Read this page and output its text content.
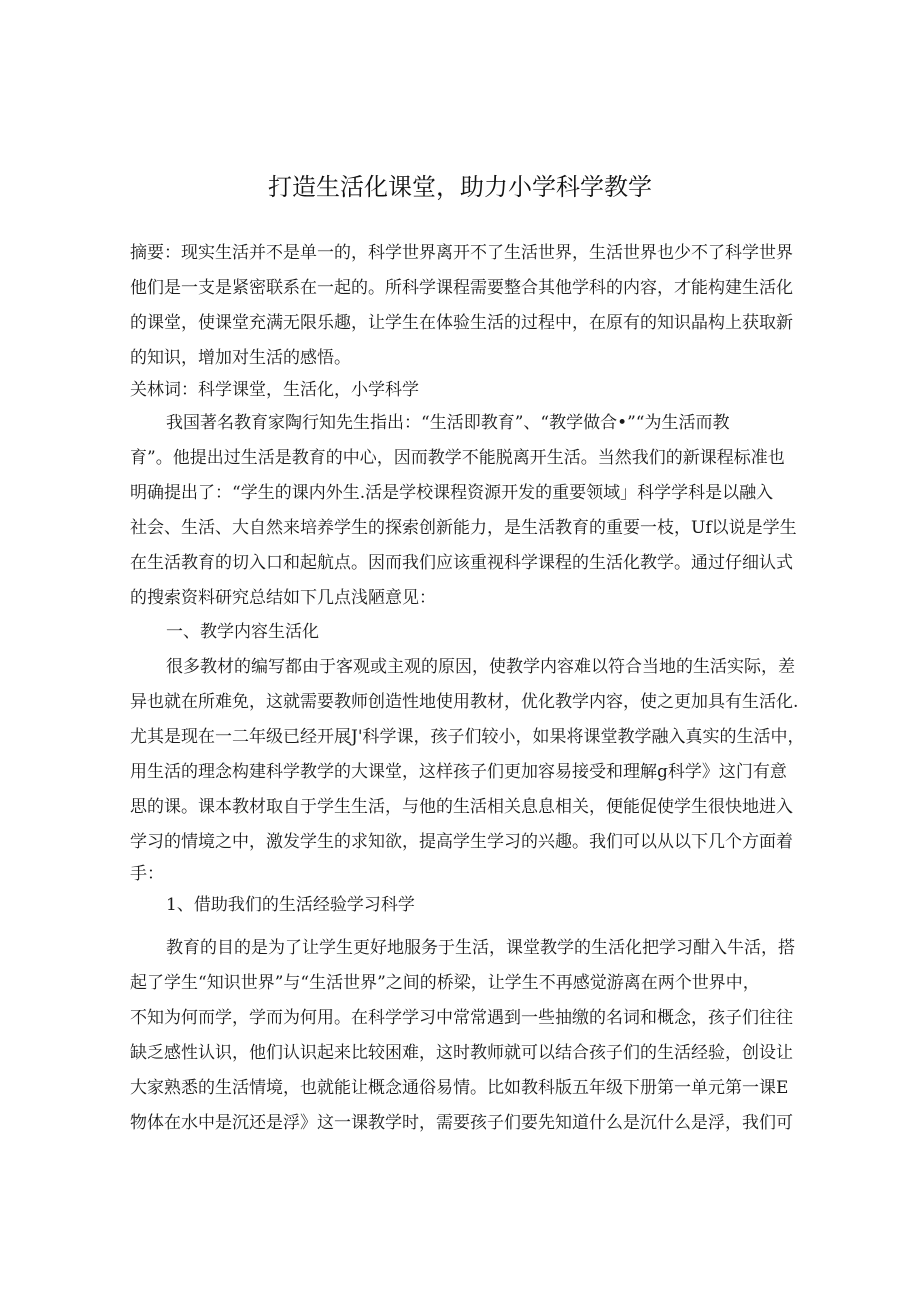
打造生活化课堂，助力小学科学教学
摘要：现实生活并不是单一的，科学世界离开不了生活世界，生活世界也少不了科学世界
他们是一支是紧密联系在一起的。所科学课程需要整合其他学科的内容，才能构建生活化
的课堂，使课堂充满无限乐趣，让学生在体验生活的过程中，在原有的知识晶构上获取新
的知识，增加对生活的感悟。
关林词：科学课堂，生活化，小学科学
我国著名教育家陶行知先生指出：“生活即教育”、“教学做合•”“为生活而教
育”。他提出过生活是教育的中心，因而教学不能脱离开生活。当然我们的新课程标准也
明确提出了：“学生的课内外生.活是学校课程资源开发的重要领域」科学学科是以融入
社会、生活、大自然来培养学生的探索创新能力，是生活教育的重要一枝，Uf以说是学生
在生活教育的切入口和起航点。因而我们应该重视科学课程的生活化教学。通过仔细认式
的搜索资料研究总结如下几点浅陋意见：
一、教学内容生活化
很多教材的编写都由于客观或主观的原因，使教学内容难以符合当地的生活实际，差
异也就在所难免，这就需要教师创造性地使用教材，优化教学内容，使之更加具有生活化.
尤其是现在一二年级已经开展J'科学课，孩子们较小，如果将课堂教学融入真实的生活中，
用生活的理念构建科学教学的大课堂，这样孩子们更加容易接受和理解g科学》这门有意
思的课。课本教材取自于学生生活，与他的生活相关息息相关，便能促使学生很快地进入
学习的情境之中，激发学生的求知欲，提高学生学习的兴趣。我们可以从以下几个方面着
手：
1、借助我们的生活经验学习科学
教育的目的是为了让学生更好地服务于生活，课堂教学的生活化把学习酣入牛活，搭
起了学生“知识世界”与“生活世界”之间的桥梁，让学生不再感觉游离在两个世界中，
不知为何而学，学而为何用。在科学学习中常常遇到一些抽缴的名词和概念，孩子们往往
缺乏感性认识，他们认识起来比较困难，这时教师就可以结合孩子们的生活经验，创设让
大家熟悉的生活情境，也就能让概念通俗易情。比如教科版五年级下册第一单元第一课E
物体在水中是沉还是浮》这一课教学时，需要孩子们要先知道什么是沉什么是浮，我们可
